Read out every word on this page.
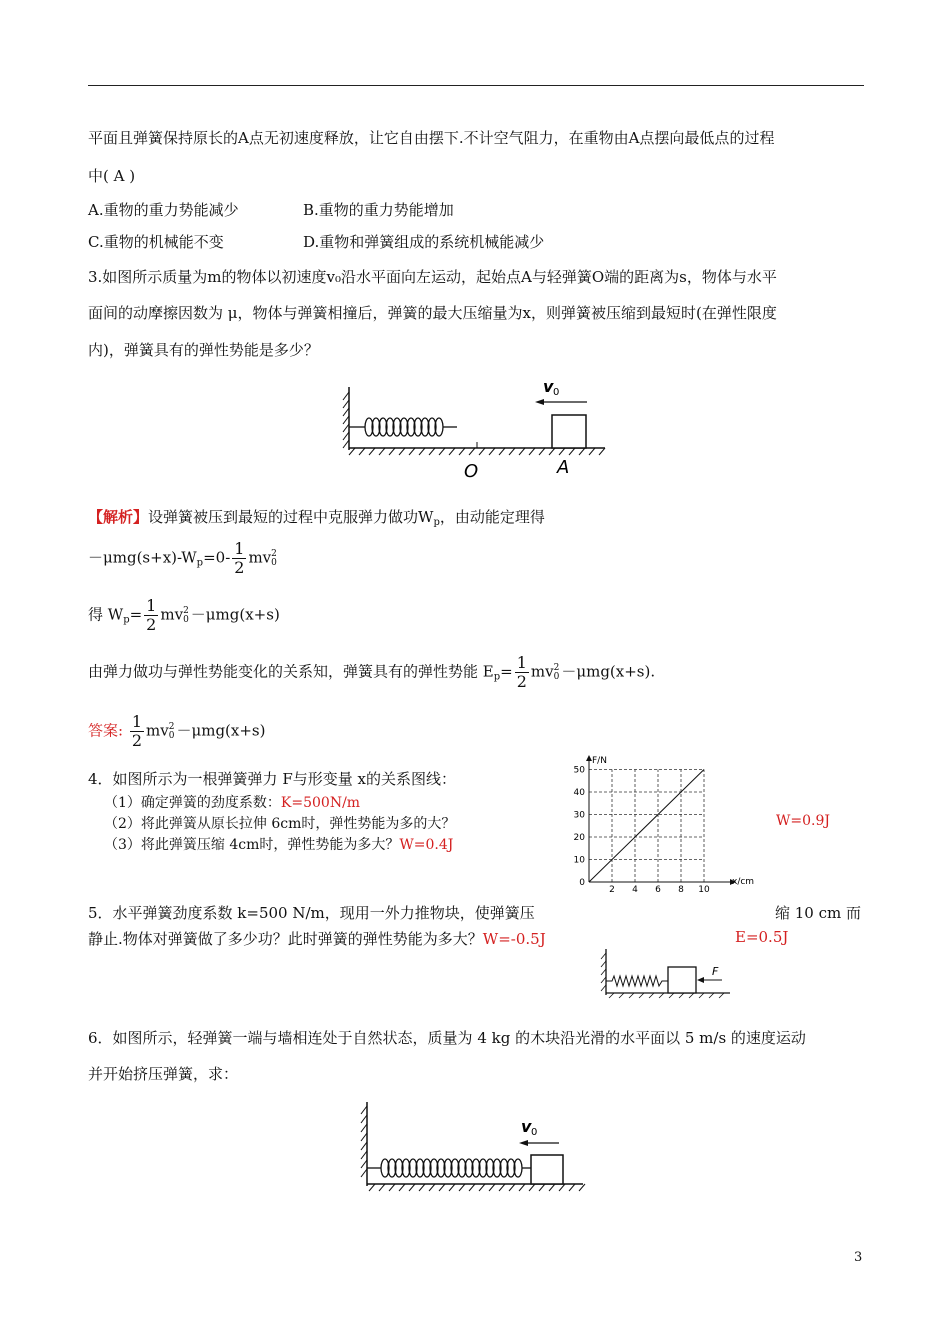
平面且弹簧保持原长的A点无初速度释放，让它自由摆下.不计空气阻力，在重物由A点摆向最低点的过程
中( A )
A.重物的重力势能减少	B.重物的重力势能增加
C.重物的机械能不变	D.重物和弹簧组成的系统机械能减少
3.如图所示质量为m的物体以初速度v₀沿水平面向左运动，起始点A与轻弹簧O端的距离为s，物体与水平
面间的动摩擦因数为 μ，物体与弹簧相撞后，弹簧的最大压缩量为x，则弹簧被压缩到最短时(在弹性限度
内)，弹簧具有的弹性势能是多少？
v 0
O	A
【解析】设弹簧被压到最短的过程中克服弹力做功$W_p$，由动能定理得
$-\mu mg(s+x)-W_p=0- \frac{1}{2}$ mv 2
0
得 $W_p= \frac{1}{2}$ mv 2
0 －μmg(x+s)
由弹力做功与弹性势能变化的关系知，弹簧具有的弹性势能 $E_p= \frac{1}{2}$ mv 2
0 －μmg(x+s).
答案: $\frac{1}{2}$ mv 2
0 －μmg(x+s)
4．如图所示为一根弹簧弹力 F与形变量 x的关系图线：
（1）确定弹簧的劲度系数：K=500N/m
（2）将此弹簧从原长拉伸 6cm时，弹性势能为多的大？	W=0.9J
（3）将此弹簧压缩 4cm时，弹性势能为多大？W=0.4J
2 4 6 8 10
0
10
20
30
40
50
F/N
x/cm
5．水平弹簧劲度系数 k=500 N/m，现用一外力推物块，使弹簧压	缩 10 cm 而
静止.物体对弹簧做了多少功？此时弹簧的弹性势能为多大？W=-0.5J	E=0.5J
F
6．如图所示，轻弹簧一端与墙相连处于自然状态，质量为 4 kg 的木块沿光滑的水平面以 5 m/s 的速度运动
并开始挤压弹簧，求：
v 0
3
